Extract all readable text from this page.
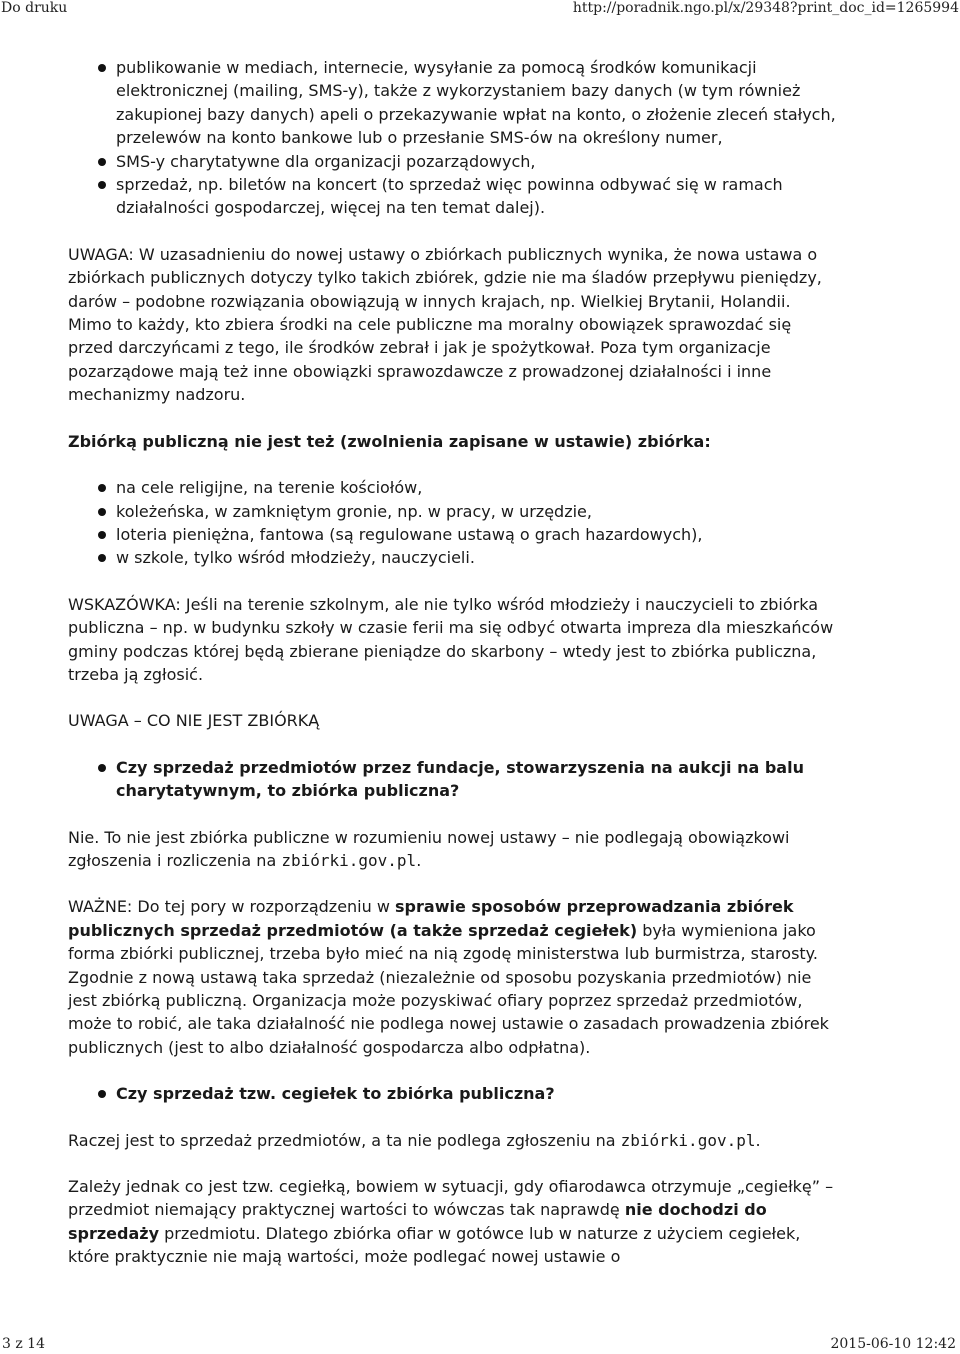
Do druku	http://poradnik.ngo.pl/x/29348?print_doc_id=1265994
publikowanie w mediach, internecie, wysyłanie za pomocą środków komunikacji elektronicznej (mailing, SMS-y), także z wykorzystaniem bazy danych (w tym również zakupionej bazy danych) apeli o przekazywanie wpłat na konto, o złożenie zleceń stałych, przelewów na konto bankowe lub o przesłanie SMS-ów na określony numer,
SMS-y charytatywne dla organizacji pozarządowych,
sprzedaż, np. biletów na koncert (to sprzedaż więc powinna odbywać się w ramach działalności gospodarczej, więcej na ten temat dalej).

UWAGA: W uzasadnieniu do nowej ustawy o zbiórkach publicznych wynika, że nowa ustawa o zbiórkach publicznych dotyczy tylko takich zbiórek, gdzie nie ma śladów przepływu pieniędzy, darów – podobne rozwiązania obowiązują w innych krajach, np. Wielkiej Brytanii, Holandii. Mimo to każdy, kto zbiera środki na cele publiczne ma moralny obowiązek sprawozdać się przed darczyńcami z tego, ile środków zebrał i jak je spożytkował. Poza tym organizacje pozarządowe mają też inne obowiązki sprawozdawcze z prowadzonej działalności i inne mechanizmy nadzoru.

Zbiórką publiczną nie jest też (zwolnienia zapisane w ustawie) zbiórka:

na cele religijne, na terenie kościołów,
koleżeńska, w zamkniętym gronie, np. w pracy, w urzędzie,
loteria pieniężna, fantowa (są regulowane ustawą o grach hazardowych),
w szkole, tylko wśród młodzieży, nauczycieli.

WSKAZÓWKA: Jeśli na terenie szkolnym, ale nie tylko wśród młodzieży i nauczycieli to zbiórka publiczna – np. w budynku szkoły w czasie ferii ma się odbyć otwarta impreza dla mieszkańców gminy podczas której będą zbierane pieniądze do skarbony – wtedy jest to zbiórka publiczna, trzeba ją zgłosić.

UWAGA – CO NIE JEST ZBIÓRKĄ

Czy sprzedaż przedmiotów przez fundacje, stowarzyszenia na aukcji na balu charytatywnym, to zbiórka publiczna?

Nie. To nie jest zbiórka publiczne w rozumieniu nowej ustawy – nie podlegają obowiązkowi zgłoszenia i rozliczenia na zbiórki.gov.pl.

WAŻNE: Do tej pory w rozporządzeniu w sprawie sposobów przeprowadzania zbiórek publicznych sprzedaż przedmiotów (a także sprzedaż cegiełek) była wymieniona jako forma zbiórki publicznej, trzeba było mieć na nią zgodę ministerstwa lub burmistrza, starosty. Zgodnie z nową ustawą taka sprzedaż (niezależnie od sposobu pozyskania przedmiotów) nie jest zbiórką publiczną. Organizacja może pozyskiwać ofiary poprzez sprzedaż przedmiotów, może to robić, ale taka działalność nie podlega nowej ustawie o zasadach prowadzenia zbiórek publicznych (jest to albo działalność gospodarcza albo odpłatna).

Czy sprzedaż tzw. cegiełek to zbiórka publiczna?

Raczej jest to sprzedaż przedmiotów, a ta nie podlega zgłoszeniu na zbiórki.gov.pl.

Zależy jednak co jest tzw. cegiełką, bowiem w sytuacji, gdy ofiarodawca otrzymuje „cegiełkę” – przedmiot niemający praktycznej wartości to wówczas tak naprawdę nie dochodzi do sprzedaży przedmiotu. Dlatego zbiórka ofiar w gotówce lub w naturze z użyciem cegiełek, które praktycznie nie mają wartości, może podlegać nowej ustawie o

3 z 14	2015-06-10 12:42
